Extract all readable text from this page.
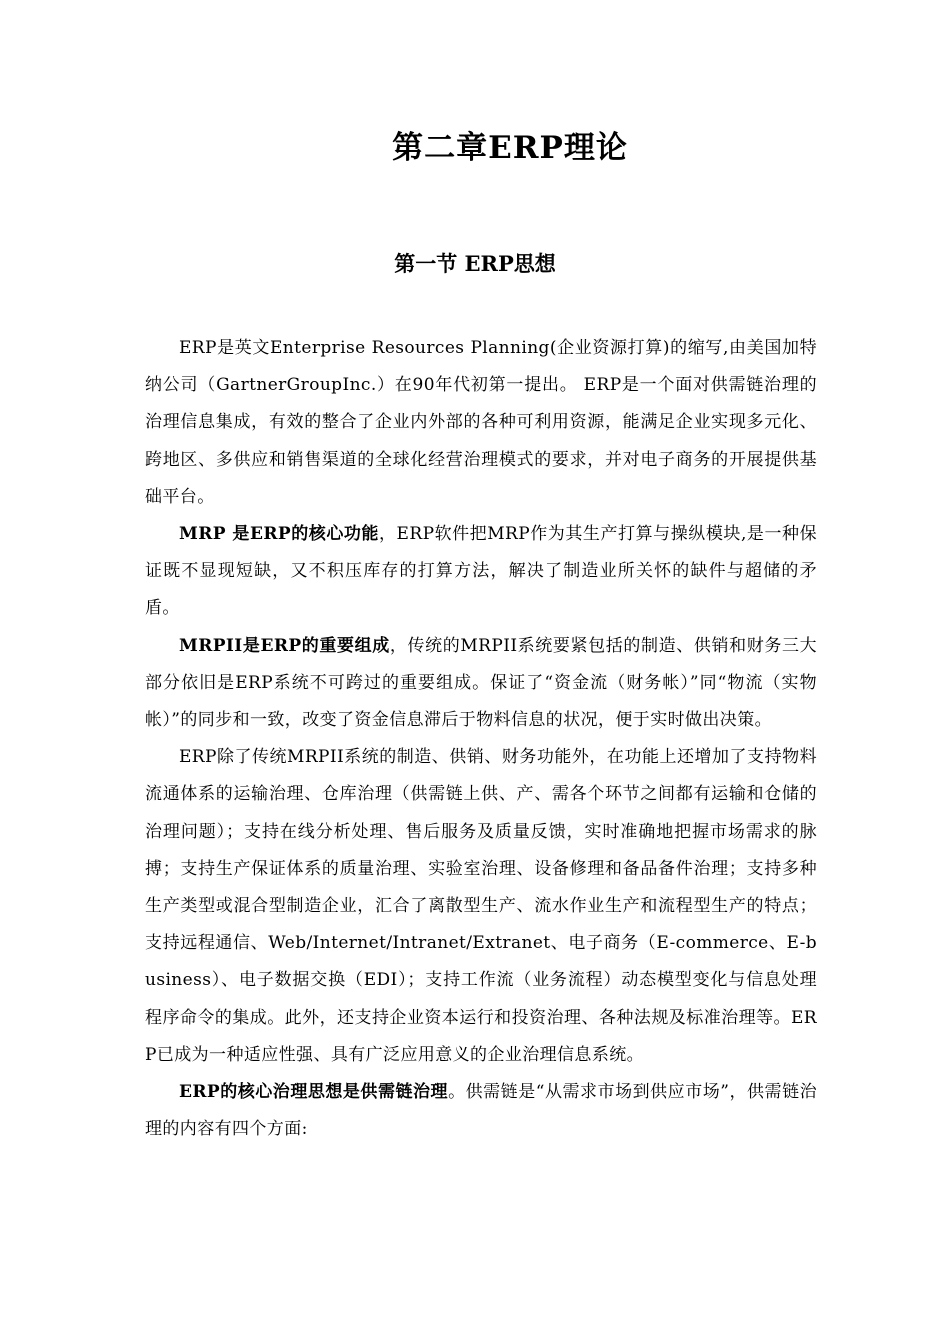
第二章ERP理论
第一节 ERP思想

ERP是英文Enterprise Resources Planning(企业资源打算)的缩写,由美国加特纳公司（GartnerGroupInc.）在90年代初第一提出。 ERP是一个面对供需链治理的治理信息集成，有效的整合了企业内外部的各种可利用资源，能满足企业实现多元化、跨地区、多供应和销售渠道的全球化经营治理模式的要求，并对电子商务的开展提供基础平台。

MRP 是ERP的核心功能，ERP软件把MRP作为其生产打算与操纵模块,是一种保证既不显现短缺，又不积压库存的打算方法，解决了制造业所关怀的缺件与超储的矛盾。

MRPII是ERP的重要组成，传统的MRPII系统要紧包括的制造、供销和财务三大部分依旧是ERP系统不可跨过的重要组成。保证了“资金流（财务帐）”同“物流（实物帐）”的同步和一致，改变了资金信息滞后于物料信息的状况，便于实时做出决策。

ERP除了传统MRPII系统的制造、供销、财务功能外，在功能上还增加了支持物料流通体系的运输治理、仓库治理（供需链上供、产、需各个环节之间都有运输和仓储的治理问题）；支持在线分析处理、售后服务及质量反馈，实时准确地把握市场需求的脉搏；支持生产保证体系的质量治理、实验室治理、设备修理和备品备件治理；支持多种生产类型或混合型制造企业，汇合了离散型生产、流水作业生产和流程型生产的特点；支持远程通信、Web/Internet/Intranet/Extranet、电子商务（E-commerce、E-business）、电子数据交换（EDI）；支持工作流（业务流程）动态模型变化与信息处理程序命令的集成。此外，还支持企业资本运行和投资治理、各种法规及标准治理等。ERP已成为一种适应性强、具有广泛应用意义的企业治理信息系统。

ERP的核心治理思想是供需链治理。供需链是“从需求市场到供应市场”，供需链治理的内容有四个方面:
